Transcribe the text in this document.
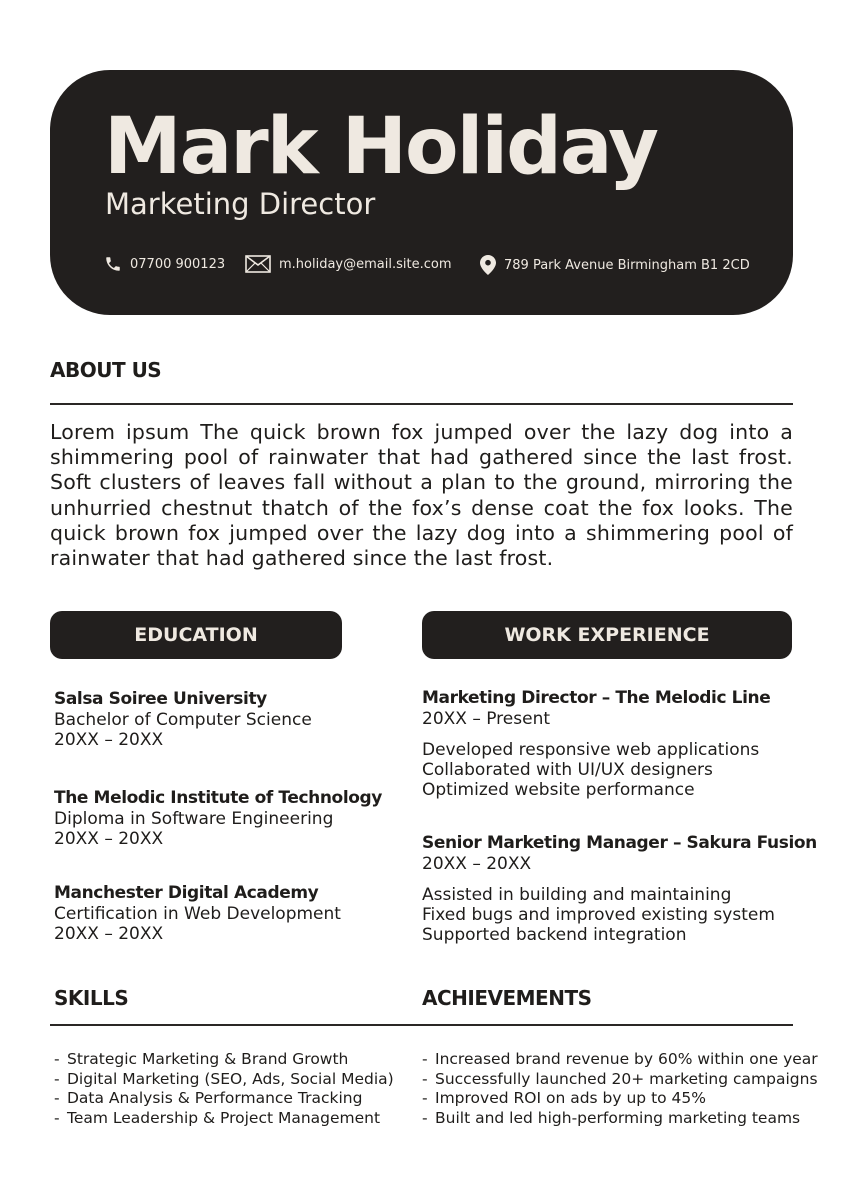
Mark Holiday
Marketing Director
07700 900123	m.holiday@email.site.com	789 Park Avenue Birmingham B1 2CD
ABOUT US
Lorem ipsum The quick brown fox jumped over the lazy dog into a shimmering pool of rainwater that had gathered since the last frost. Soft clusters of leaves fall without a plan to the ground, mirroring the unhurried chestnut thatch of the fox’s dense coat the fox looks. The quick brown fox jumped over the lazy dog into a shimmering pool of rainwater that had gathered since the last frost.
EDUCATION	WORK EXPERIENCE
Salsa Soiree University
Bachelor of Computer Science
20XX – 20XX
The Melodic Institute of Technology
Diploma in Software Engineering
20XX – 20XX
Manchester Digital Academy
Certification in Web Development
20XX – 20XX
Marketing Director – The Melodic Line
20XX – Present
Developed responsive web applications
Collaborated with UI/UX designers
Optimized website performance
Senior Marketing Manager – Sakura Fusion
20XX – 20XX
Assisted in building and maintaining
Fixed bugs and improved existing system
Supported backend integration
SKILLS	ACHIEVEMENTS
- Strategic Marketing & Brand Growth
- Digital Marketing (SEO, Ads, Social Media)
- Data Analysis & Performance Tracking
- Team Leadership & Project Management
- Increased brand revenue by 60% within one year
- Successfully launched 20+ marketing campaigns
- Improved ROI on ads by up to 45%
- Built and led high-performing marketing teams
